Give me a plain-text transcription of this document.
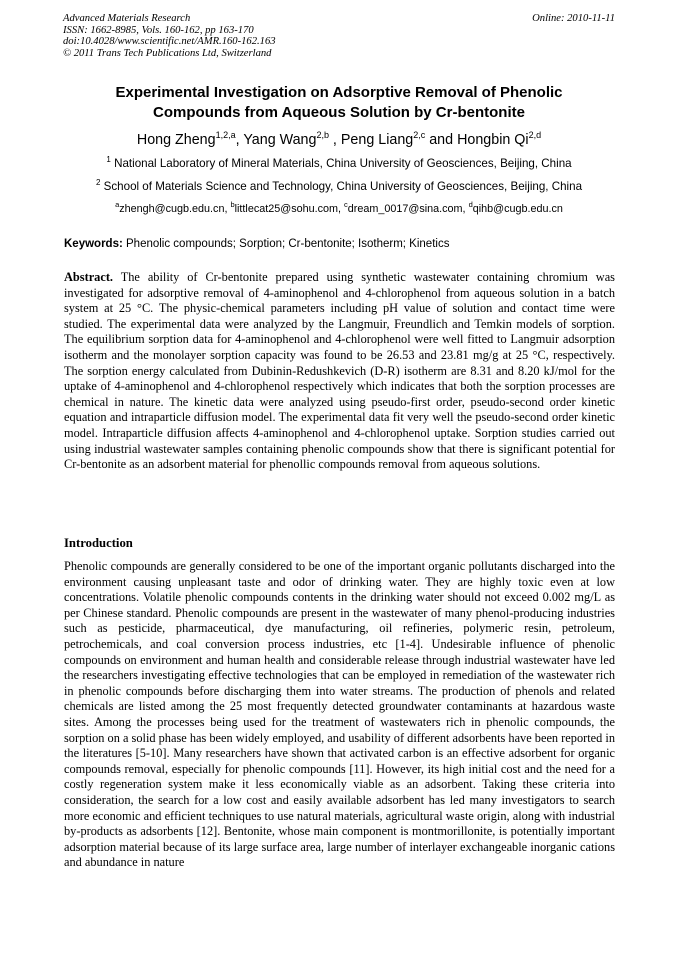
Advanced Materials Research
ISSN: 1662-8985, Vols. 160-162, pp 163-170
doi:10.4028/www.scientific.net/AMR.160-162.163
© 2011 Trans Tech Publications Ltd, Switzerland
Online: 2010-11-11
Experimental Investigation on Adsorptive Removal of Phenolic
Compounds from Aqueous Solution by Cr-bentonite
Hong Zheng$^{1,2,a}$, Yang Wang$^{2,b}$ , Peng Liang$^{2,c}$ and Hongbin Qi$^{2,d}$
$^1$ National Laboratory of Mineral Materials, China University of Geosciences, Beijing, China
$^2$ School of Materials Science and Technology, China University of Geosciences, Beijing, China
$^a$zhengh@cugb.edu.cn, $^b$littlecat25@sohu.com, $^c$dream_0017@sina.com, $^d$qihb@cugb.edu.cn
Keywords: Phenolic compounds; Sorption; Cr-bentonite; Isotherm; Kinetics
Abstract. The ability of Cr-bentonite prepared using synthetic wastewater containing chromium was investigated for adsorptive removal of 4-aminophenol and 4-chlorophenol from aqueous solution in a batch system at 25 °C. The physic-chemical parameters including pH value of solution and contact time were studied. The experimental data were analyzed by the Langmuir, Freundlich and Temkin models of sorption. The equilibrium sorption data for 4-aminophenol and 4-chlorophenol were well fitted to Langmuir adsorption isotherm and the monolayer sorption capacity was found to be 26.53 and 23.81 mg/g at 25 °C, respectively. The sorption energy calculated from Dubinin-Redushkevich (D-R) isotherm are 8.31 and 8.20 kJ/mol for the uptake of 4-aminophenol and 4-chlorophenol respectively which indicates that both the sorption processes are chemical in nature. The kinetic data were analyzed using pseudo-first order, pseudo-second order kinetic equation and intraparticle diffusion model. The experimental data fit very well the pseudo-second order kinetic model. Intraparticle diffusion affects 4-aminophenol and 4-chlorophenol uptake. Sorption studies carried out using industrial wastewater samples containing phenolic compounds show that there is significant potential for Cr-bentonite as an adsorbent material for phenollic compounds removal from aqueous solutions.
Introduction
Phenolic compounds are generally considered to be one of the important organic pollutants discharged into the environment causing unpleasant taste and odor of drinking water. They are highly toxic even at low concentrations. Volatile phenolic compounds contents in the drinking water should not exceed 0.002 mg/L as per Chinese standard. Phenolic compounds are present in the wastewater of many phenol-producing industries such as pesticide, pharmaceutical, dye manufacturing, oil refineries, polymeric resin, petroleum, petrochemicals, and coal conversion process industries, etc [1-4]. Undesirable influence of phenolic compounds on environment and human health and considerable release through industrial wastewater have led the researchers investigating effective technologies that can be employed in remediation of the wastewater rich in phenolic compounds before discharging them into water streams. The production of phenols and related chemicals are listed among the 25 most frequently detected groundwater contaminants at hazardous waste sites. Among the processes being used for the treatment of wastewaters rich in phenolic compounds, the sorption on a solid phase has been widely employed, and usability of different adsorbents have been reported in the literatures [5-10]. Many researchers have shown that activated carbon is an effective adsorbent for organic compounds removal, especially for phenolic compounds [11]. However, its high initial cost and the need for a costly regeneration system make it less economically viable as an adsorbent. Taking these criteria into consideration, the search for a low cost and easily available adsorbent has led many investigators to search more economic and efficient techniques to use natural materials, agricultural waste origin, along with industrial by-products as adsorbents [12]. Bentonite, whose main component is montmorillonite, is potentially important adsorption material because of its large surface area, large number of interlayer exchangeable inorganic cations and abundance in nature
